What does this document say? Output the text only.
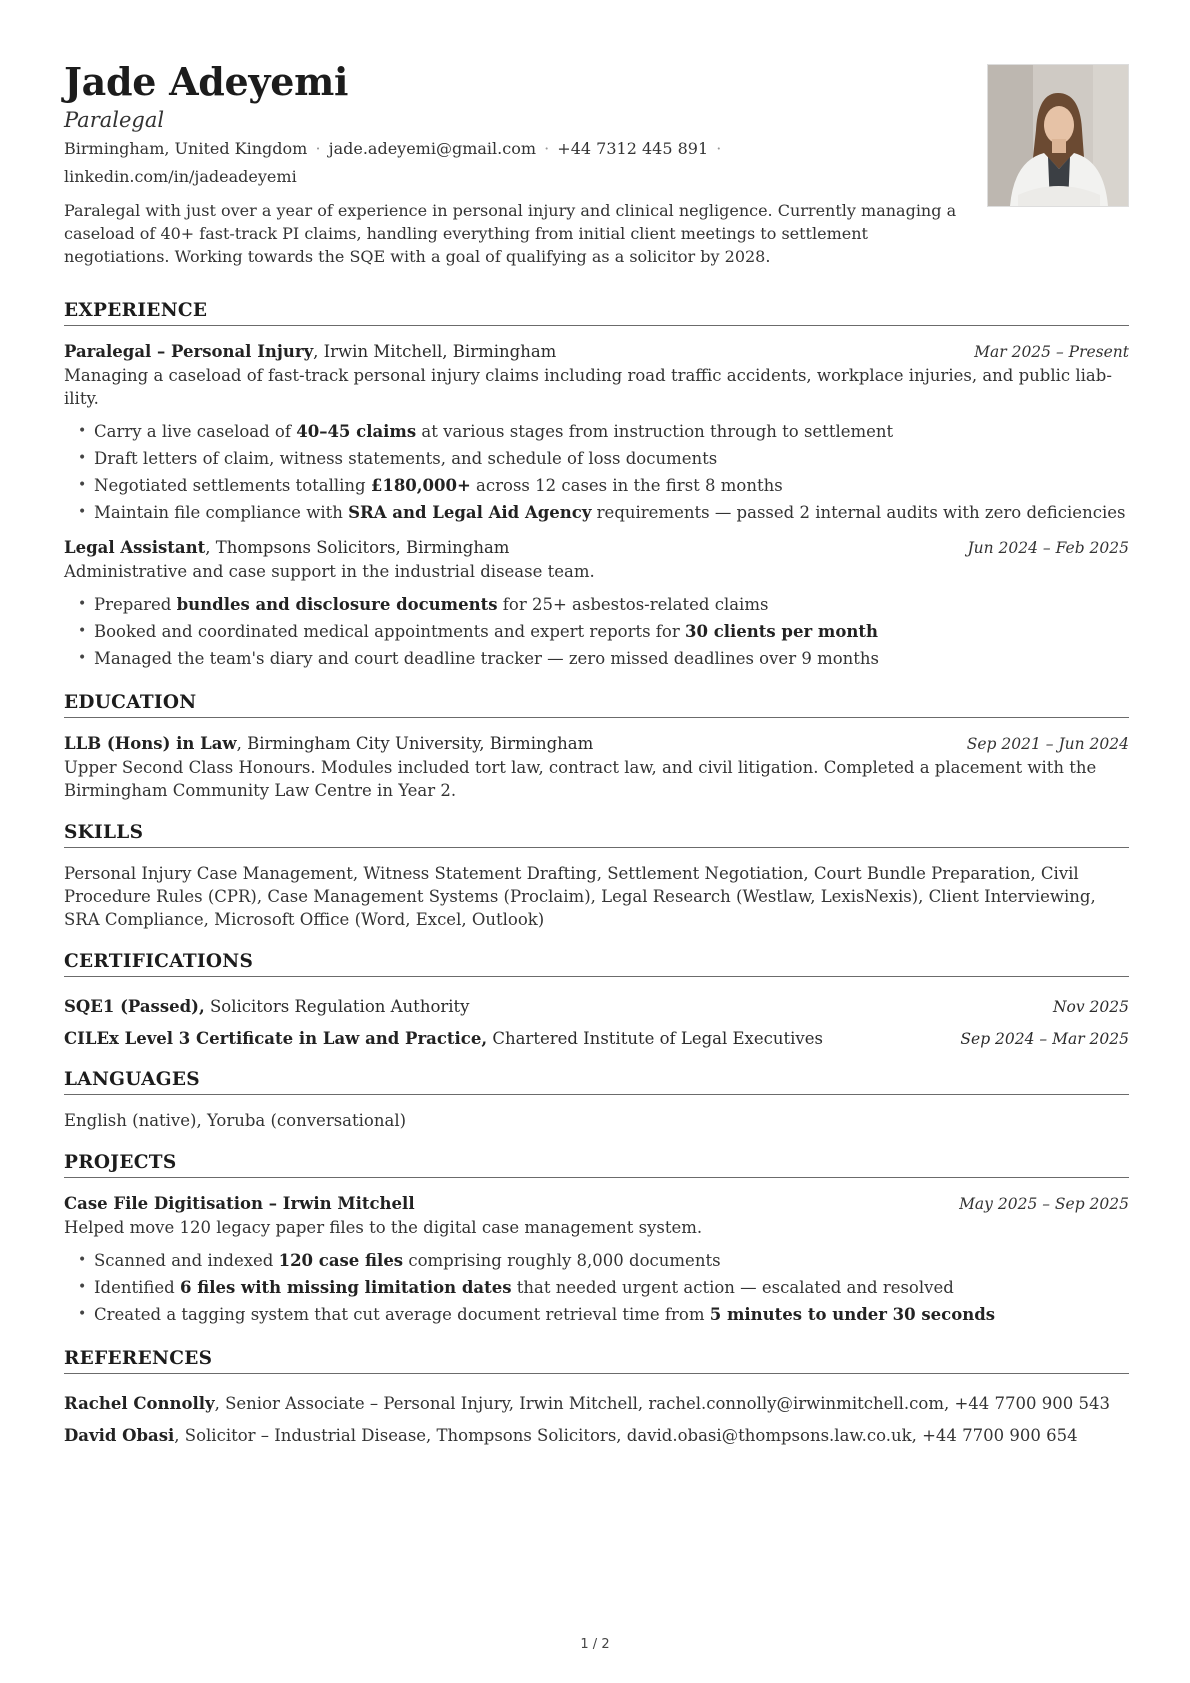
Jade Adeyemi
Paralegal
Birmingham, United Kingdom · jade.adeyemi@gmail.com · +44 7312 445 891 ·
linkedin.com/in/jadeadeyemi
Paralegal with just over a year of experience in personal injury and clinical negligence. Currently managing a caseload of 40+ fast-track PI claims, handling everything from initial client meetings to settlement negotiations. Working towards the SQE with a goal of qualifying as a solicitor by 2028.
EXPERIENCE
Paralegal – Personal Injury, Irwin Mitchell, Birmingham	Mar 2025 – Present
Managing a caseload of fast-track personal injury claims including road traffic accidents, workplace injuries, and public liab-ility.
• Carry a live caseload of 40–45 claims at various stages from instruction through to settlement
• Draft letters of claim, witness statements, and schedule of loss documents
• Negotiated settlements totalling £180,000+ across 12 cases in the first 8 months
• Maintain file compliance with SRA and Legal Aid Agency requirements — passed 2 internal audits with zero deficiencies
Legal Assistant, Thompsons Solicitors, Birmingham	Jun 2024 – Feb 2025
Administrative and case support in the industrial disease team.
• Prepared bundles and disclosure documents for 25+ asbestos-related claims
• Booked and coordinated medical appointments and expert reports for 30 clients per month
• Managed the team's diary and court deadline tracker — zero missed deadlines over 9 months
EDUCATION
LLB (Hons) in Law, Birmingham City University, Birmingham	Sep 2021 – Jun 2024
Upper Second Class Honours. Modules included tort law, contract law, and civil litigation. Completed a placement with the Birmingham Community Law Centre in Year 2.
SKILLS
Personal Injury Case Management, Witness Statement Drafting, Settlement Negotiation, Court Bundle Preparation, Civil Procedure Rules (CPR), Case Management Systems (Proclaim), Legal Research (Westlaw, LexisNexis), Client Interviewing, SRA Compliance, Microsoft Office (Word, Excel, Outlook)
CERTIFICATIONS
SQE1 (Passed), Solicitors Regulation Authority	Nov 2025
CILEx Level 3 Certificate in Law and Practice, Chartered Institute of Legal Executives	Sep 2024 – Mar 2025
LANGUAGES
English (native), Yoruba (conversational)
PROJECTS
Case File Digitisation – Irwin Mitchell	May 2025 – Sep 2025
Helped move 120 legacy paper files to the digital case management system.
• Scanned and indexed 120 case files comprising roughly 8,000 documents
• Identified 6 files with missing limitation dates that needed urgent action — escalated and resolved
• Created a tagging system that cut average document retrieval time from 5 minutes to under 30 seconds
REFERENCES
Rachel Connolly, Senior Associate – Personal Injury, Irwin Mitchell, rachel.connolly@irwinmitchell.com, +44 7700 900 543
David Obasi, Solicitor – Industrial Disease, Thompsons Solicitors, david.obasi@thompsons.law.co.uk, +44 7700 900 654
1 / 2
